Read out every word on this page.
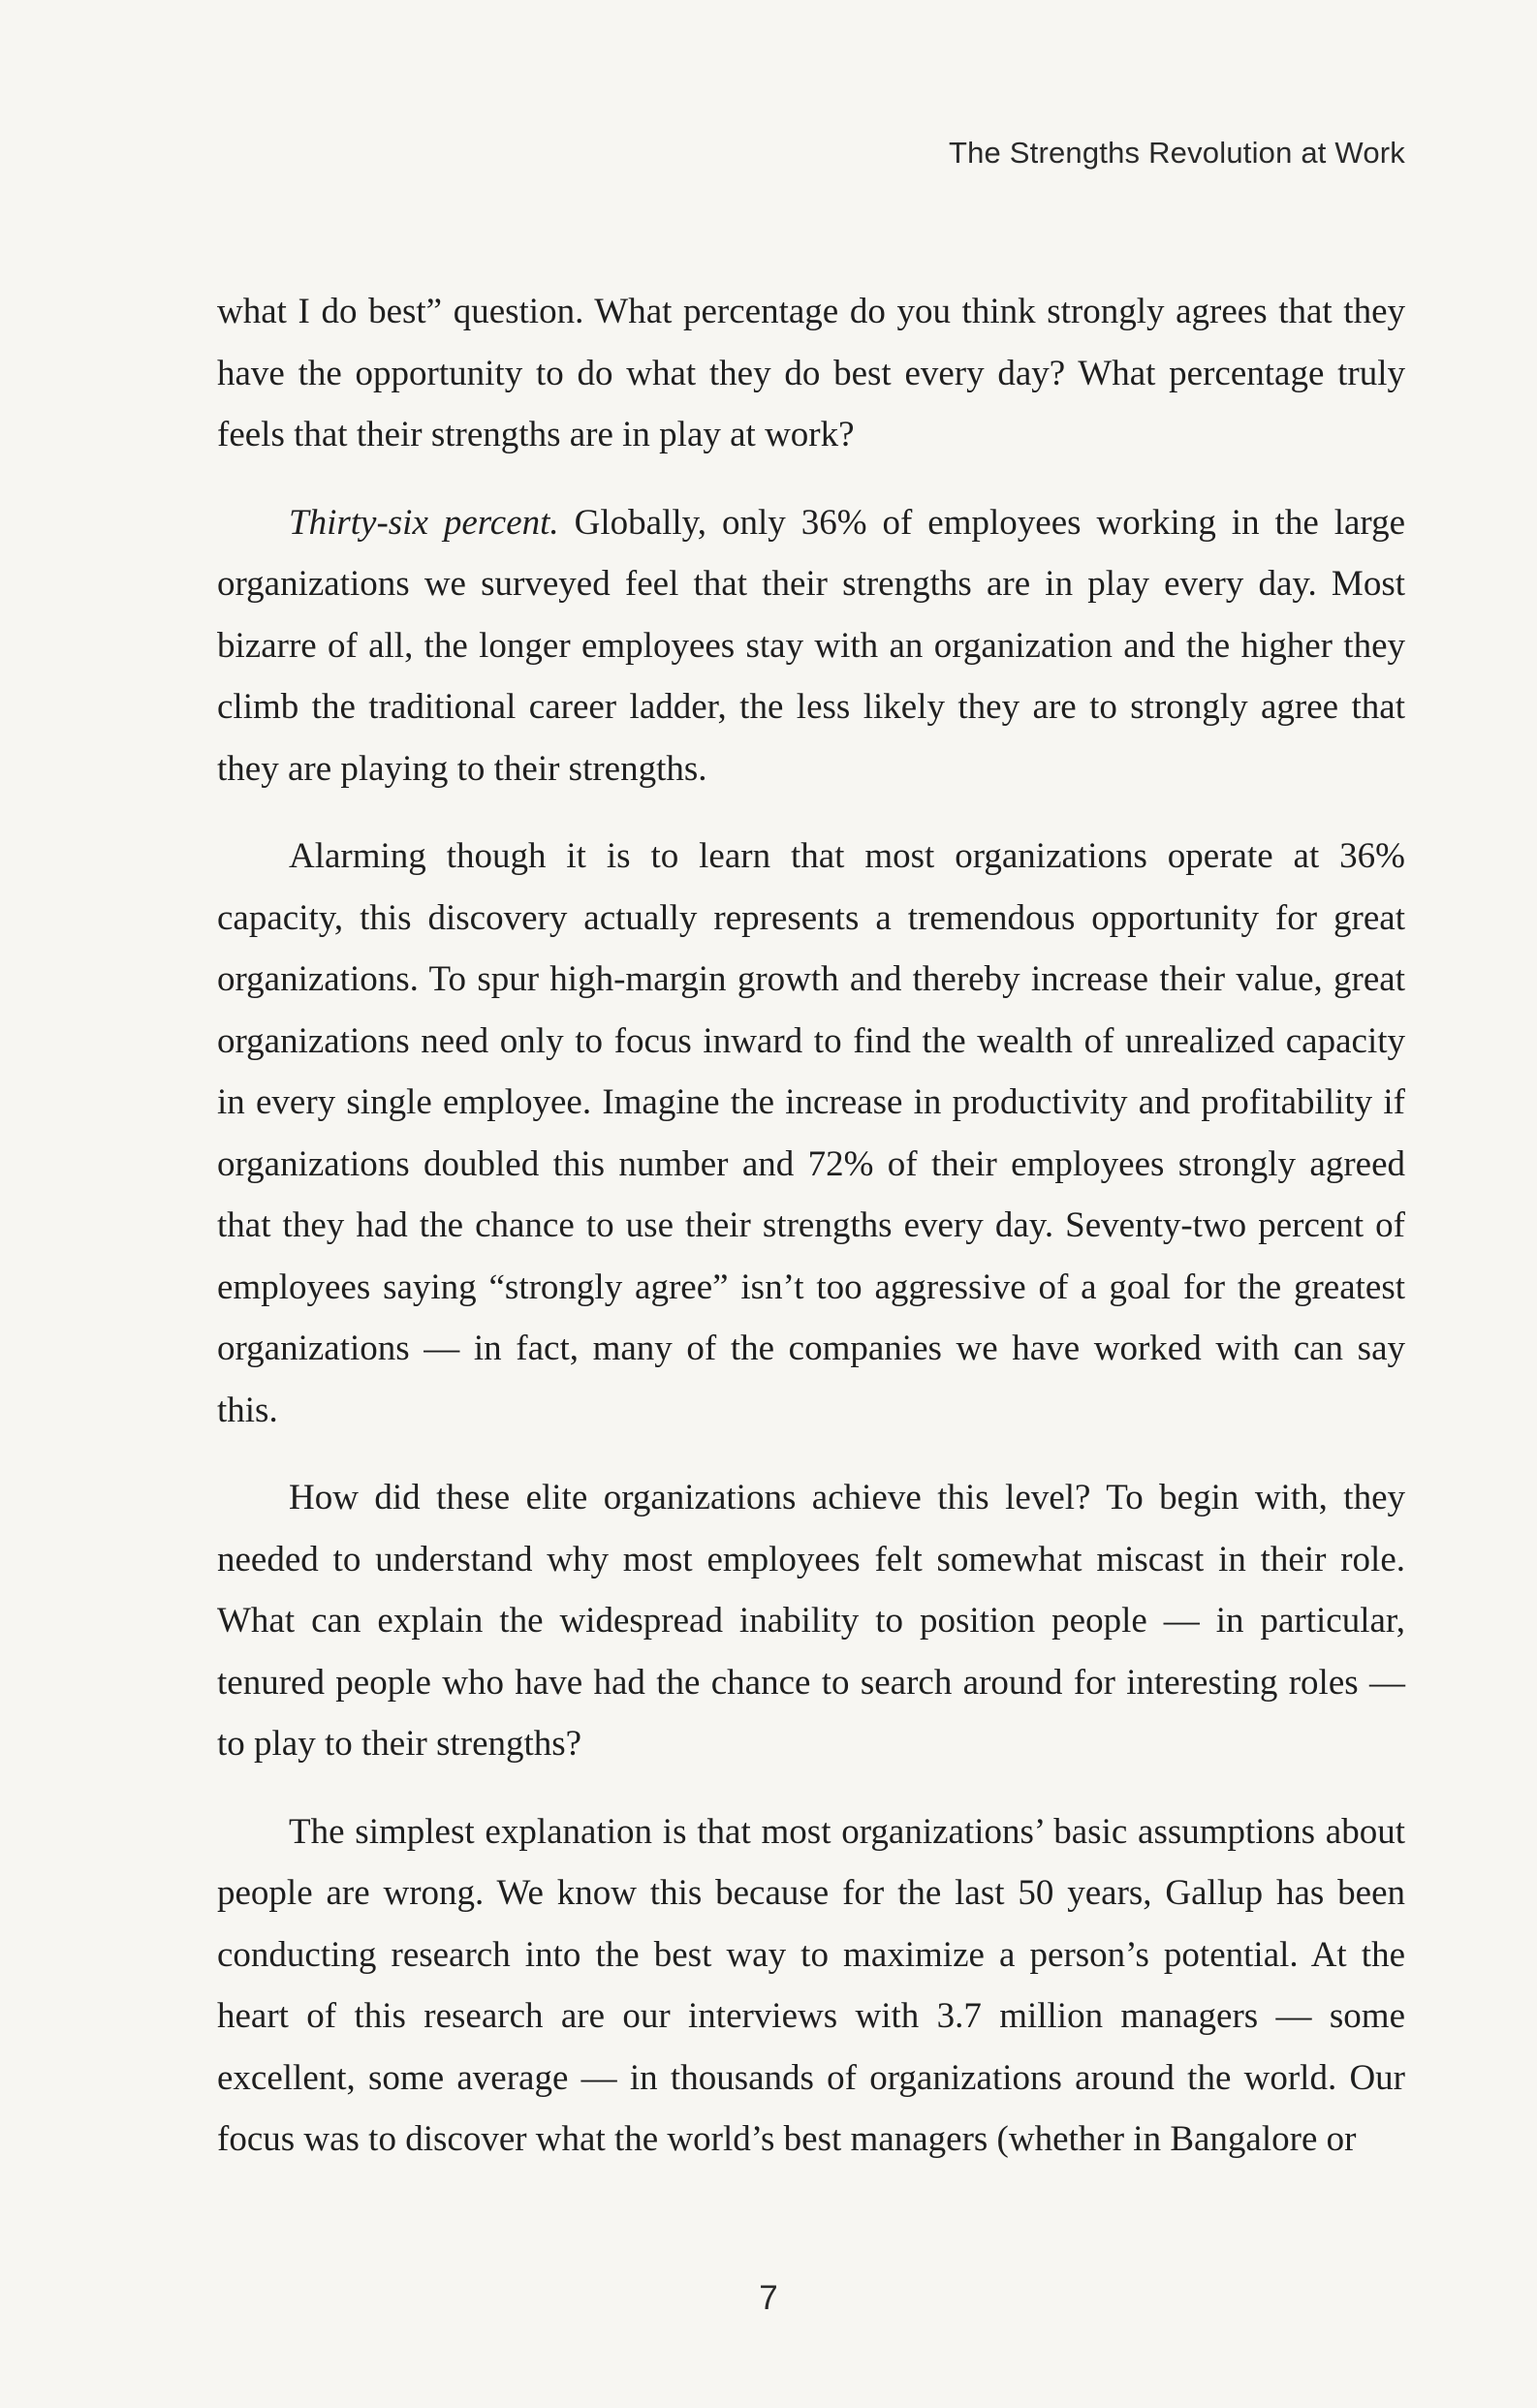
The Strengths Revolution at Work

what I do best” question. What percentage do you think strongly agrees that they have the opportunity to do what they do best every day? What percentage truly feels that their strengths are in play at work?

Thirty-six percent. Globally, only 36% of employees working in the large organizations we surveyed feel that their strengths are in play every day. Most bizarre of all, the longer employees stay with an organization and the higher they climb the traditional career ladder, the less likely they are to strongly agree that they are playing to their strengths.

Alarming though it is to learn that most organizations operate at 36% capacity, this discovery actually represents a tremendous opportunity for great organizations. To spur high-margin growth and thereby increase their value, great organizations need only to focus inward to find the wealth of unrealized capacity in every single employee. Imagine the increase in productivity and profitability if organizations doubled this number and 72% of their employees strongly agreed that they had the chance to use their strengths every day. Seventy-two percent of employees saying “strongly agree” isn’t too aggressive of a goal for the greatest organizations — in fact, many of the companies we have worked with can say this.

How did these elite organizations achieve this level? To begin with, they needed to understand why most employees felt somewhat miscast in their role. What can explain the widespread inability to position people — in particular, tenured people who have had the chance to search around for interesting roles — to play to their strengths?

The simplest explanation is that most organizations’ basic assumptions about people are wrong. We know this because for the last 50 years, Gallup has been conducting research into the best way to maximize a person’s potential. At the heart of this research are our interviews with 3.7 million managers — some excellent, some average — in thousands of organizations around the world. Our focus was to discover what the world’s best managers (whether in Bangalore or

7
